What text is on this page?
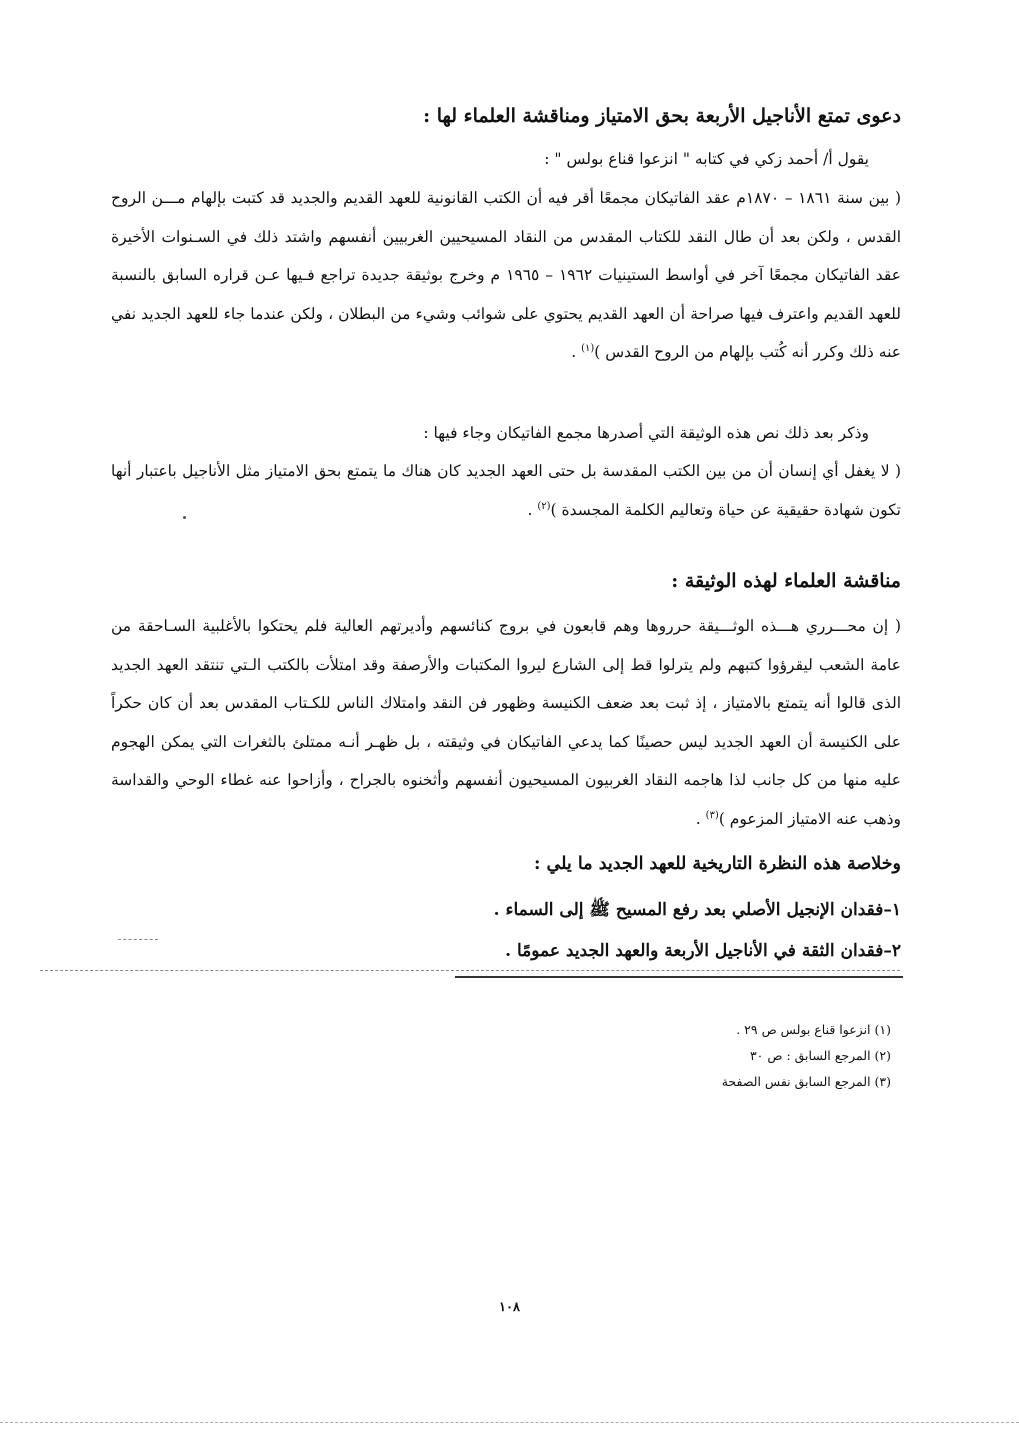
دعوى تمتع الأناجيل الأربعة بحق الامتياز ومناقشة العلماء لها :
يقول أ/ أحمد زكي في كتابه " انزعوا قناع بولس " :
( بين سنة ١٨٦١ – ١٨٧٠م عقد الفاتيكان مجمعًا أقر فيه أن الكتب القانونية للعهد القديم والجديد قد كتبت بإلهام مـــن الروح القدس ، ولكن بعد أن طال النقد للكتاب المقدس من النقاد المسيحيين الغربيين أنفسهم واشتد ذلك في السـنوات الأخيرة عقد الفاتيكان مجمعًا آخر في أواسط الستينيات ١٩٦٢ – ١٩٦٥ م وخرج بوثيقة جديدة تراجع فـيها عـن قراره السابق بالنسبة للعهد القديم واعترف فيها صراحة أن العهد القديم يحتوي على شوائب وشيء من البطلان ، ولكن عندما جاء للعهد الجديد نفي عنه ذلك وكرر أنه كُتب بإلهام من الروح القدس )$^{(١)}$ .
وذكر بعد ذلك نص هذه الوثيقة التي أصدرها مجمع الفاتيكان وجاء فيها :
( لا يغفل أي إنسان أن من بين الكتب المقدسة بل حتى العهد الجديد كان هناك ما يتمتع بحق الامتياز مثل الأناجيل باعتبار أنها تكون شهادة حقيقية عن حياة وتعاليم الكلمة المجسدة )$^{(٢)}$ .
مناقشة العلماء لهذه الوثيقة :
( إن محـــرري هـــذه الوثـــيقة حرروها وهم قابعون في بروج كنائسهم وأديرتهم العالية فلم يحتكوا بالأغلبية السـاحقة من عامة الشعب ليقرؤوا كتبهم ولم يترلوا قط إلى الشارع ليروا المكتبات والأرصفة وقد امتلأت بالكتب الـتي تنتقد العهد الجديد الذى قالوا أنه يتمتع بالامتياز ، إذ ثبت بعد ضعف الكنيسة وظهور فن النقد وامتلاك الناس للكـتاب المقدس بعد أن كان حكراً على الكنيسة أن العهد الجديد ليس حصينًا كما يدعي الفاتيكان في وثيقته ، بل ظهـر أنـه ممتلئ بالثغرات التي يمكن الهجوم عليه منها من كل جانب لذا هاجمه النقاد الغربيون المسيحيون أنفسهم وأثخنوه بالجراح ، وأزاحوا عنه غطاء الوحي والقداسة وذهب عنه الامتياز المزعوم )$^{(٣)}$ .
وخلاصة هذه النظرة التاريخية للعهد الجديد ما يلي :
١–فقدان الإنجيل الأصلي بعد رفع المسيح ﷺ إلى السماء .
٢–فقدان الثقة في الأناجيل الأربعة والعهد الجديد عمومًا .
(١) انزعوا قناع بولس ص ٢٩ .
(٢) المرجع السابق : ص ٣٠
(٣) المرجع السابق نفس الصفحة
١٠٨
